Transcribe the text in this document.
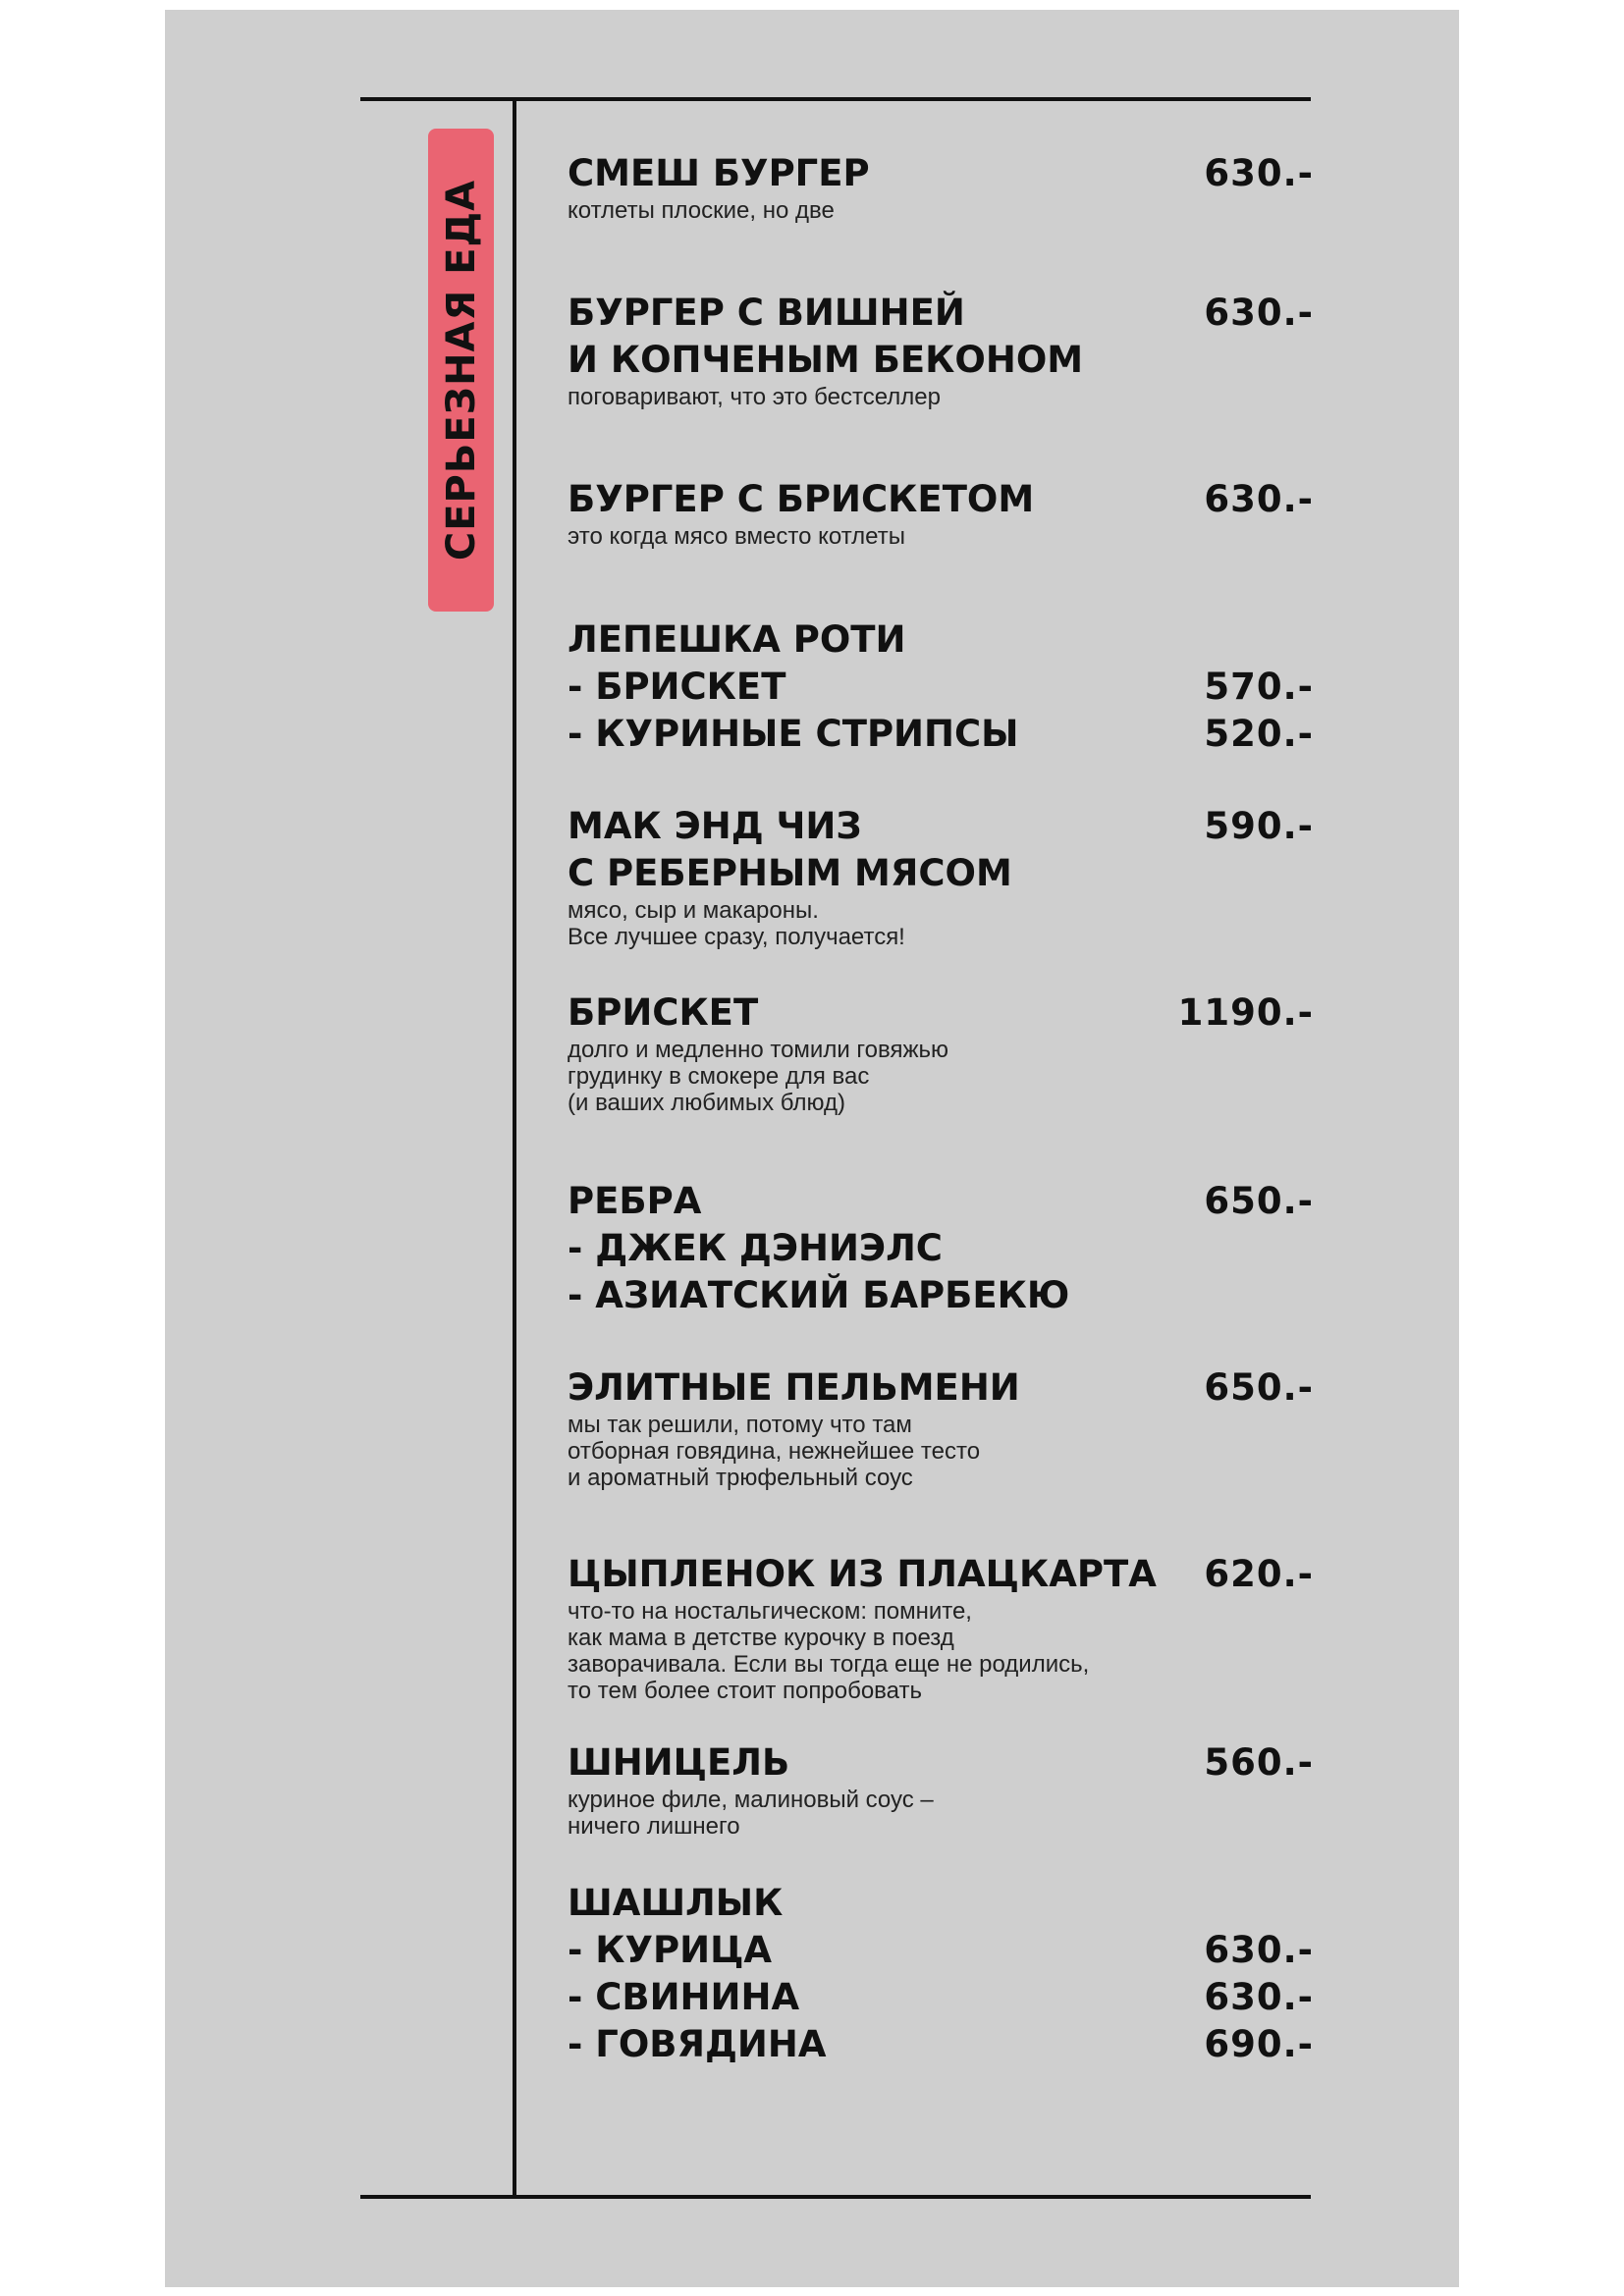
СЕРЬЕЗНАЯ ЕДА
СМЕШ БУРГЕР	630.-
котлеты плоские, но две
БУРГЕР С ВИШНЕЙ	630.-
И КОПЧЕНЫМ БЕКОНОМ
поговаривают, что это бестселлер
БУРГЕР С БРИСКЕТОМ	630.-
это когда мясо вместо котлеты
ЛЕПЕШКА РОТИ
- БРИСКЕТ	570.-
- КУРИНЫЕ СТРИПСЫ	520.-
МАК ЭНД ЧИЗ	590.-
С РЕБЕРНЫМ МЯСОМ
мясо, сыр и макароны.
Все лучшее сразу, получается!
БРИСКЕТ	1190.-
долго и медленно томили говяжью
грудинку в смокере для вас
(и ваших любимых блюд)
РЕБРА	650.-
- ДЖЕК ДЭНИЭЛС
- АЗИАТСКИЙ БАРБЕКЮ
ЭЛИТНЫЕ ПЕЛЬМЕНИ	650.-
мы так решили, потому что там
отборная говядина, нежнейшее тесто
и ароматный трюфельный соус
ЦЫПЛЕНОК ИЗ ПЛАЦКАРТА	620.-
что-то на ностальгическом: помните,
как мама в детстве курочку в поезд
заворачивала. Если вы тогда еще не родились,
то тем более стоит попробовать
ШНИЦЕЛЬ	560.-
куриное филе, малиновый соус –
ничего лишнего
ШАШЛЫК
- КУРИЦА	630.-
- СВИНИНА	630.-
- ГОВЯДИНА	690.-
